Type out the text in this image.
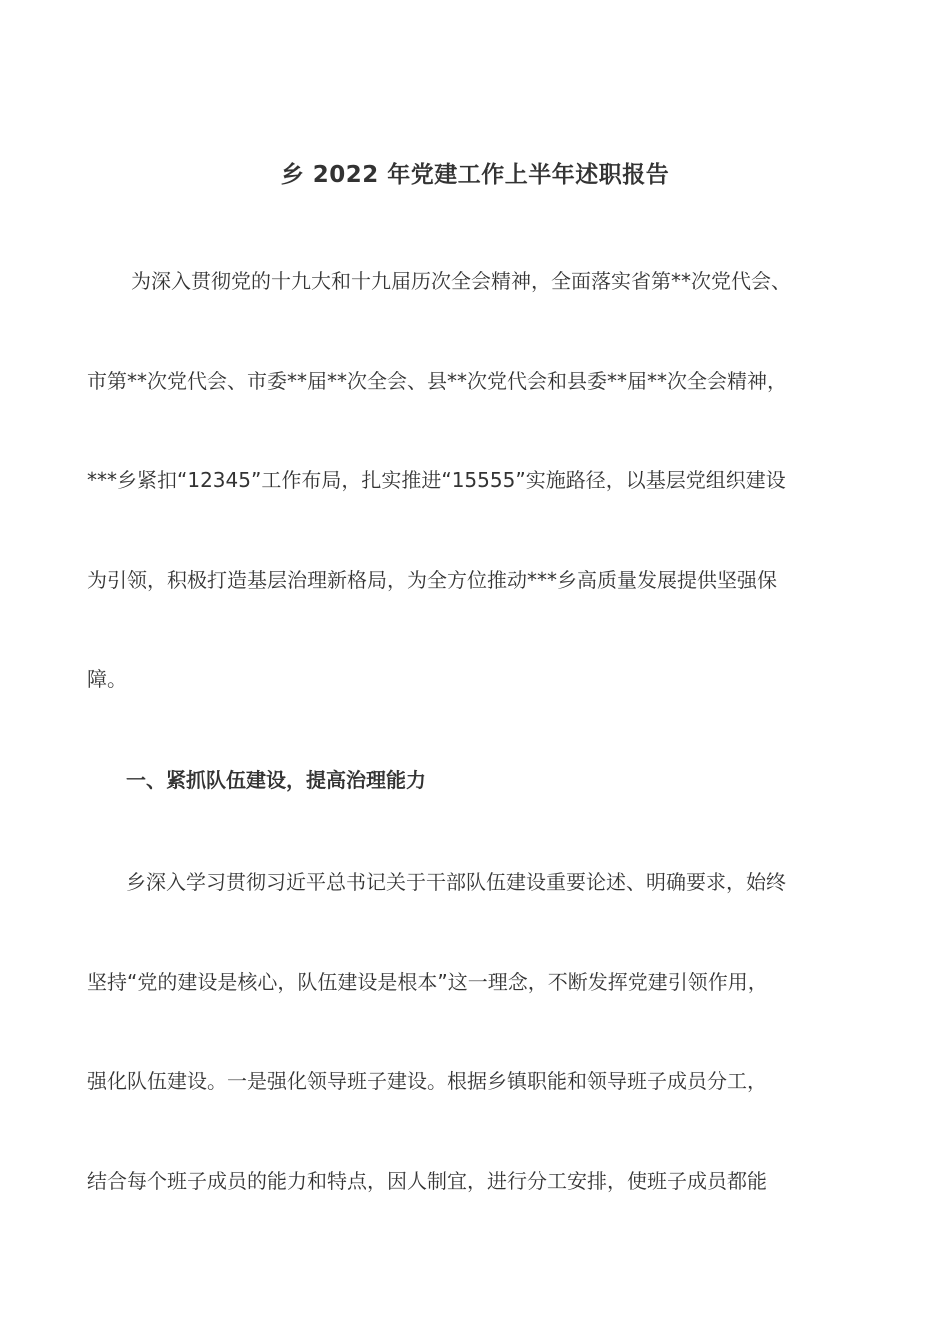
乡 2022 年党建工作上半年述职报告
为深入贯彻党的十九大和十九届历次全会精神，全面落实省第**次党代会、
市第**次党代会、市委**届**次全会、县**次党代会和县委**届**次全会精神，
***乡紧扣“12345”工作布局，扎实推进“15555”实施路径，以基层党组织建设
为引领，积极打造基层治理新格局，为全方位推动***乡高质量发展提供坚强保
障。
一、紧抓队伍建设，提高治理能力
乡深入学习贯彻习近平总书记关于干部队伍建设重要论述、明确要求，始终
坚持“党的建设是核心，队伍建设是根本”这一理念，不断发挥党建引领作用，
强化队伍建设。一是强化领导班子建设。根据乡镇职能和领导班子成员分工，
结合每个班子成员的能力和特点，因人制宜，进行分工安排，使班子成员都能
